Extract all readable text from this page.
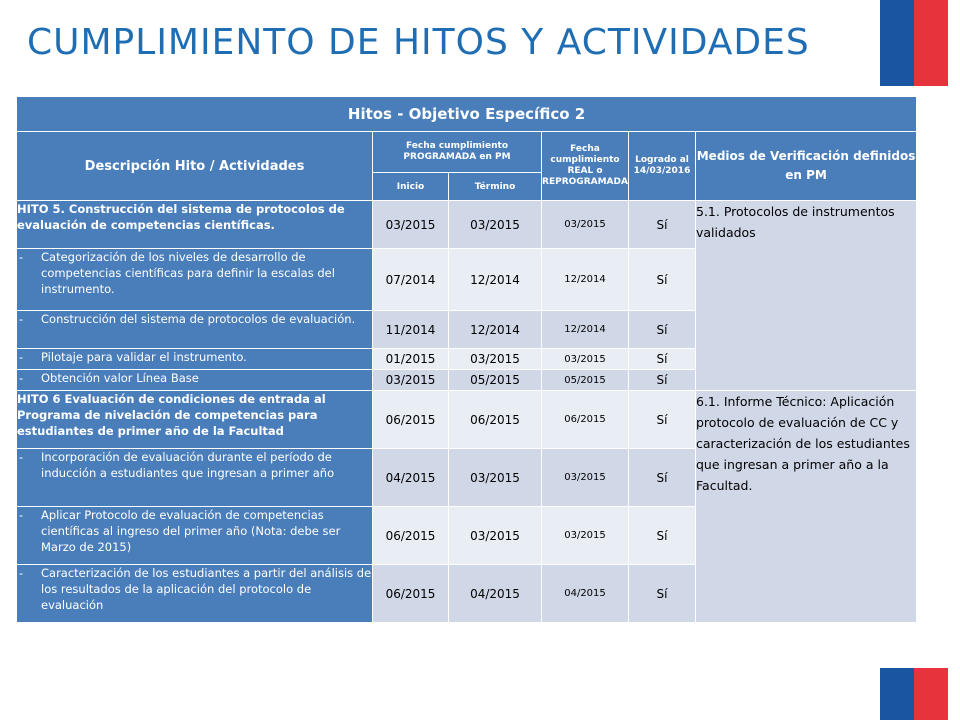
CUMPLIMIENTO DE HITOS Y ACTIVIDADES
Hitos - Objetivo Específico 2					
Descripción Hito / Actividades	Fecha cumplimiento PROGRAMADA en PM		Fecha cumplimiento REAL o REPROGRAMADA	Logrado al 14/03/2016	Medios de Verificación definidos en PM
	Inicio	Término			
HITO 5. Construcción del sistema de protocolos de evaluación de competencias científicas.	03/2015	03/2015	03/2015	Sí	5.1. Protocolos de instrumentos validados

- Categorización de los niveles de desarrollo de competencias científicas para definir la escalas del instrumento.	07/2014	12/2014	12/2014	Sí	

- Construcción del sistema de protocolos de evaluación.	11/2014	12/2014	12/2014	Sí	

- Pilotaje para validar el instrumento.	01/2015	03/2015	03/2015	Sí	

- Obtención valor Línea Base	03/2015	05/2015	05/2015	Sí	
HITO 6 Evaluación de condiciones de entrada al Programa de nivelación de competencias para estudiantes de primer año de la Facultad	06/2015	06/2015	06/2015	Sí	6.1. Informe Técnico: Aplicación protocolo de evaluación de CC y caracterización de los estudiantes que ingresan a primer año a la Facultad.

- Incorporación de evaluación durante el período de inducción a estudiantes que ingresan a primer año	04/2015	03/2015	03/2015	Sí	

- Aplicar Protocolo de evaluación de competencias científicas al ingreso del primer año (Nota: debe ser Marzo de 2015)	06/2015	03/2015	03/2015	Sí	

- Caracterización de los estudiantes a partir del análisis de los resultados de la aplicación del protocolo de evaluación	06/2015	04/2015	04/2015	Sí	
